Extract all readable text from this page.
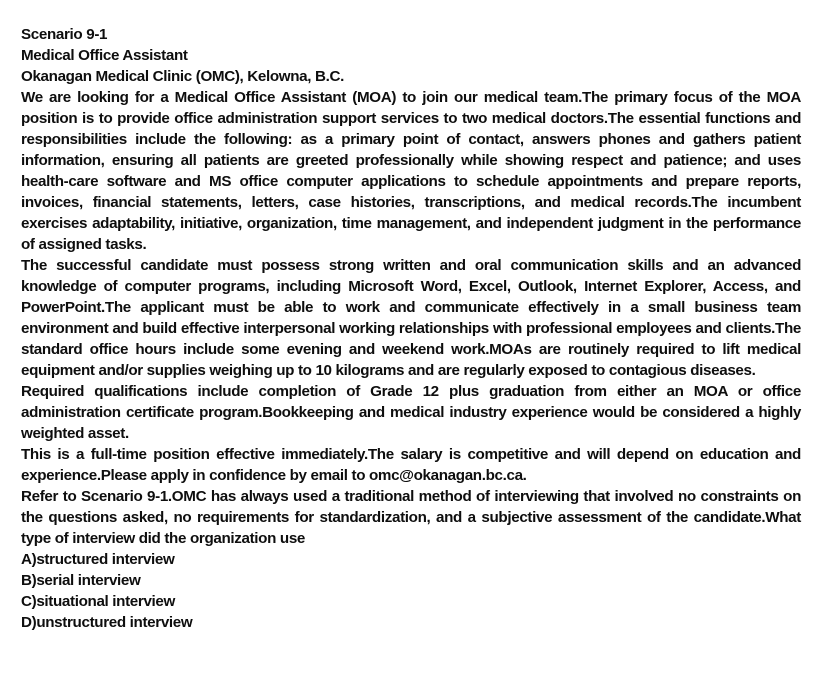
Scenario 9-1
Medical Office Assistant
Okanagan Medical Clinic (OMC), Kelowna, B.C.
We are looking for a Medical Office Assistant (MOA) to join our medical team.The primary focus of the MOA position is to provide office administration support services to two medical doctors.The essential functions and responsibilities include the following: as a primary point of contact, answers phones and gathers patient information, ensuring all patients are greeted professionally while showing respect and patience; and uses health-care software and MS office computer applications to schedule appointments and prepare reports, invoices, financial statements, letters, case histories, transcriptions, and medical records.The incumbent exercises adaptability, initiative, organization, time management, and independent judgment in the performance of assigned tasks.
The successful candidate must possess strong written and oral communication skills and an advanced knowledge of computer programs, including Microsoft Word, Excel, Outlook, Internet Explorer, Access, and PowerPoint.The applicant must be able to work and communicate effectively in a small business team environment and build effective interpersonal working relationships with professional employees and clients.The standard office hours include some evening and weekend work.MOAs are routinely required to lift medical equipment and/or supplies weighing up to 10 kilograms and are regularly exposed to contagious diseases.
Required qualifications include completion of Grade 12 plus graduation from either an MOA or office administration certificate program.Bookkeeping and medical industry experience would be considered a highly weighted asset.
This is a full-time position effective immediately.The salary is competitive and will depend on education and experience.Please apply in confidence by email to omc@okanagan.bc.ca.
Refer to Scenario 9-1.OMC has always used a traditional method of interviewing that involved no constraints on the questions asked, no requirements for standardization, and a subjective assessment of the candidate.What type of interview did the organization use
A)structured interview
B)serial interview
C)situational interview
D)unstructured interview
